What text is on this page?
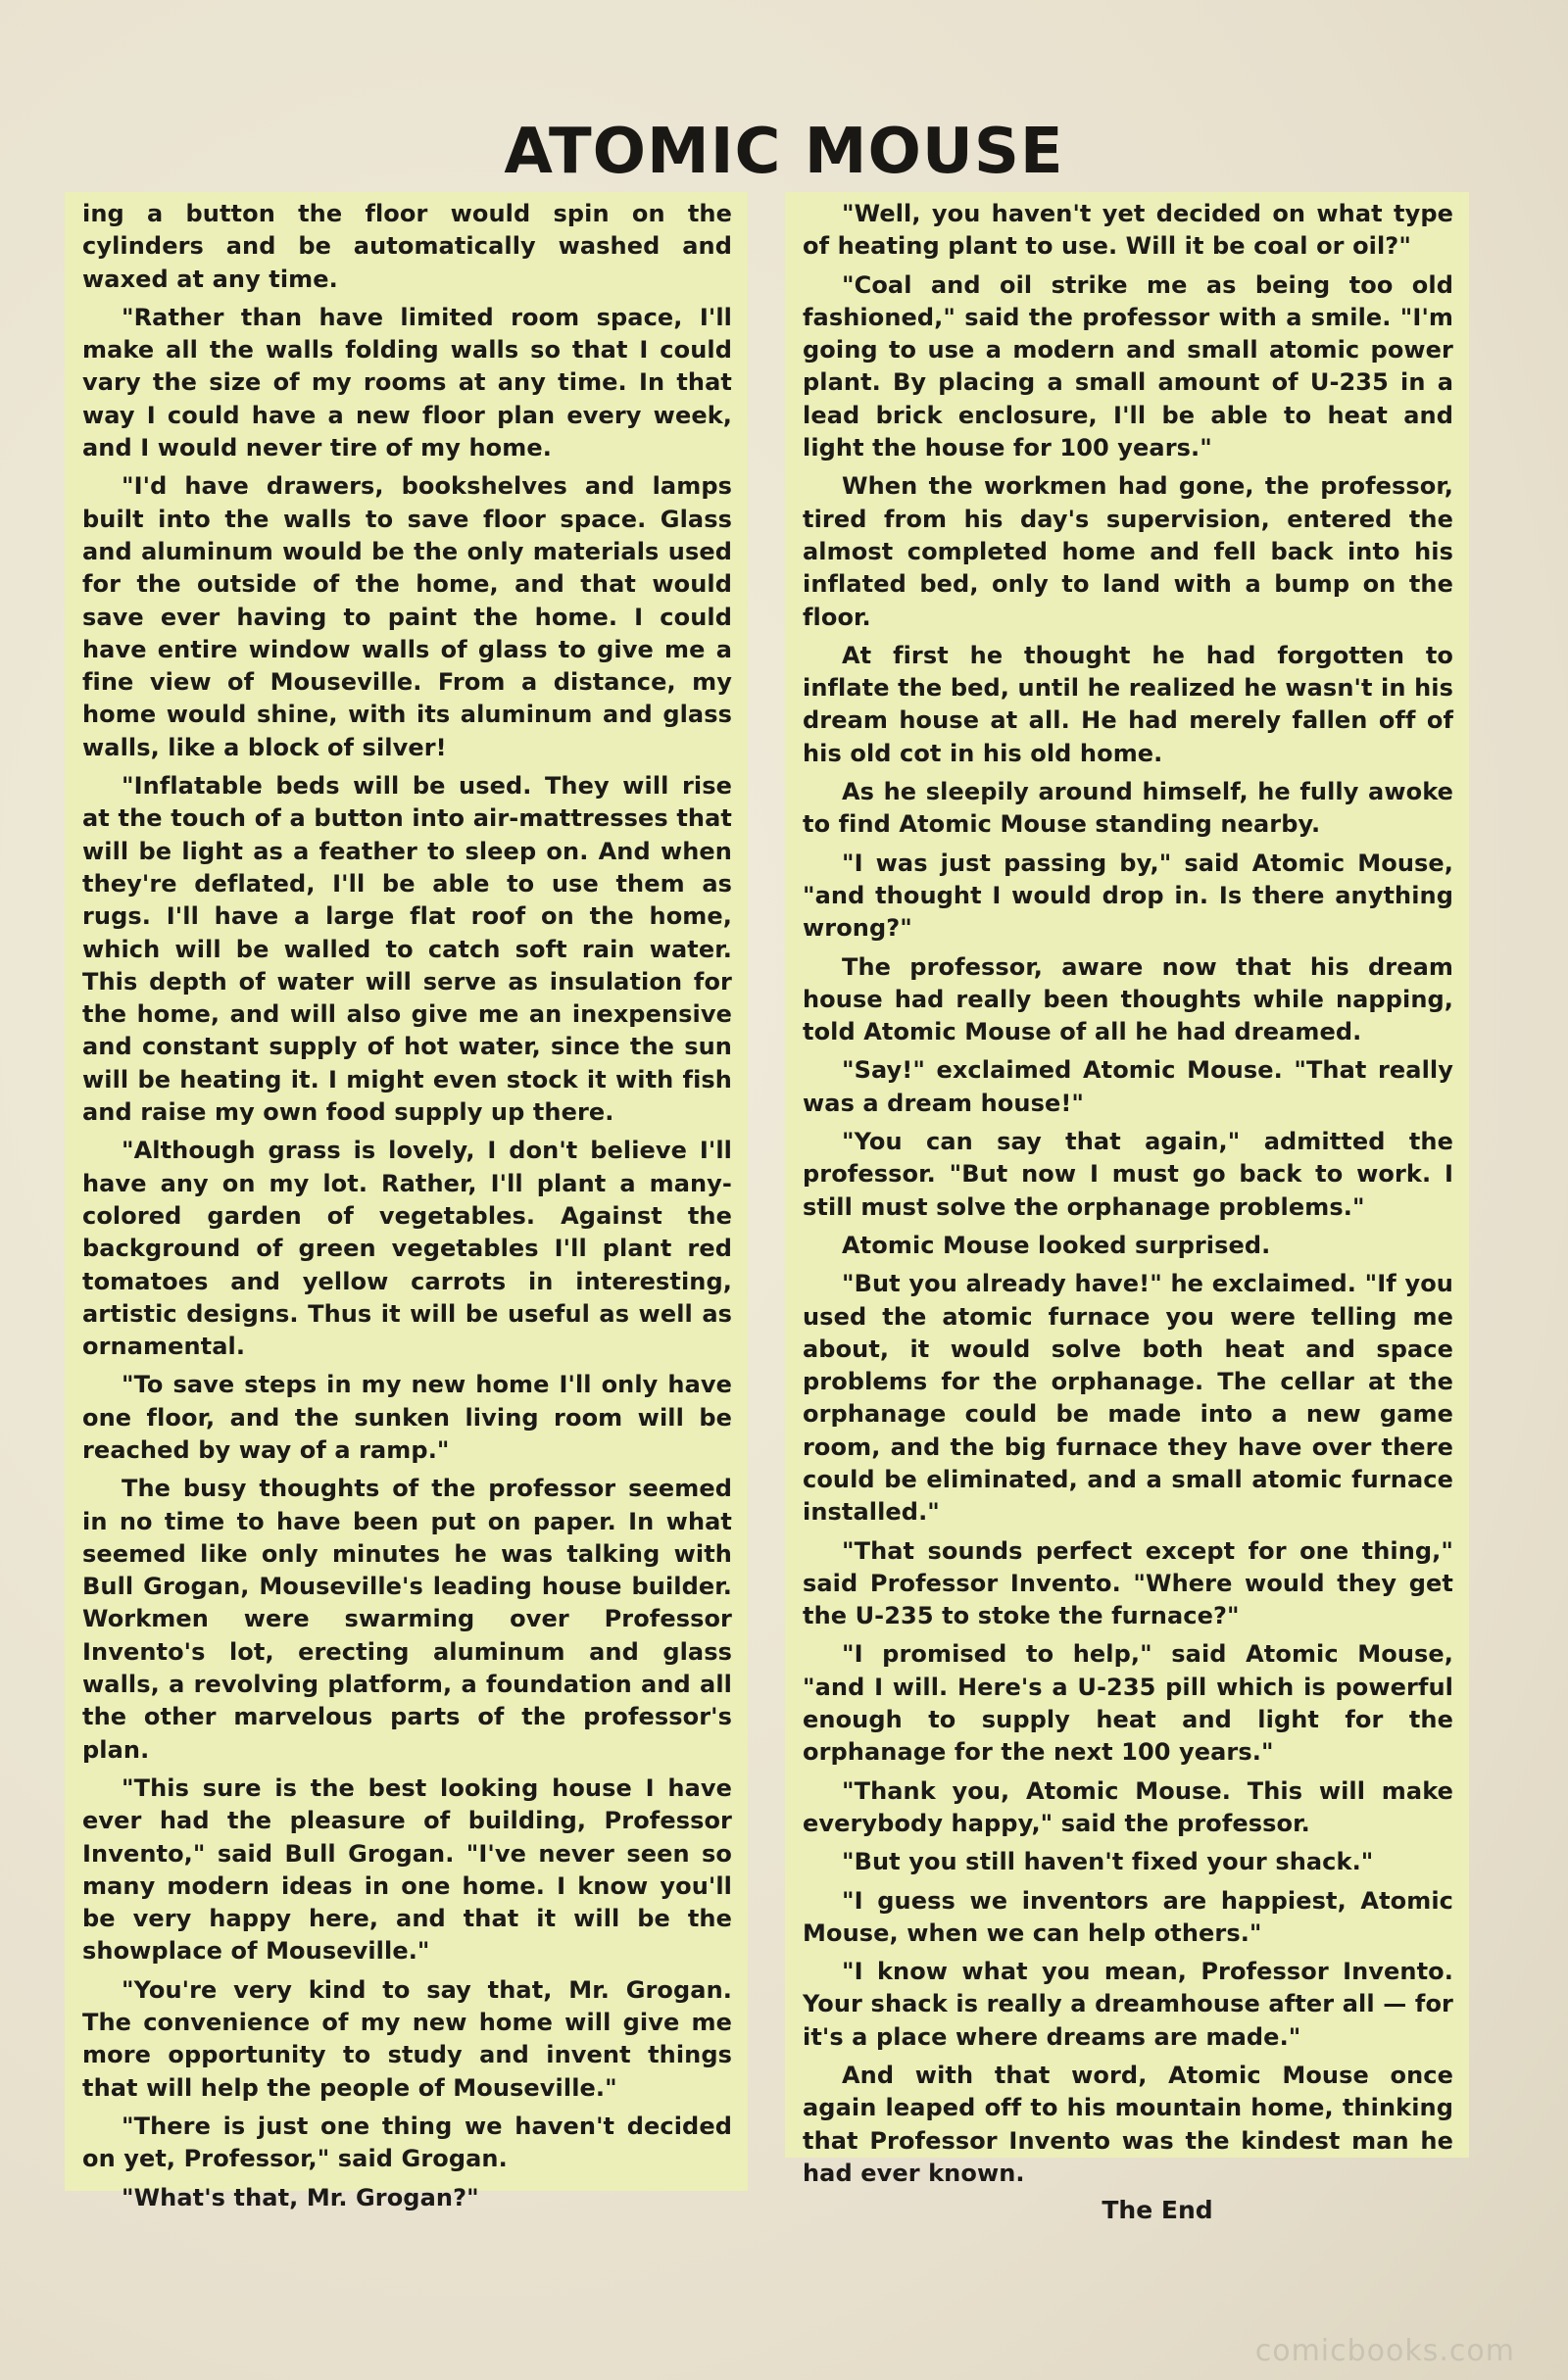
ATOMIC MOUSE

ing a button the floor would spin on the cylinders and be automatically washed and waxed at any time.

"Rather than have limited room space, I'll make all the walls folding walls so that I could vary the size of my rooms at any time. In that way I could have a new floor plan every week, and I would never tire of my home.

"I'd have drawers, bookshelves and lamps built into the walls to save floor space. Glass and aluminum would be the only materials used for the outside of the home, and that would save ever having to paint the home. I could have entire window walls of glass to give me a fine view of Mouseville. From a distance, my home would shine, with its aluminum and glass walls, like a block of silver!

"Inflatable beds will be used. They will rise at the touch of a button into air-mattresses that will be light as a feather to sleep on. And when they're deflated, I'll be able to use them as rugs. I'll have a large flat roof on the home, which will be walled to catch soft rain water. This depth of water will serve as insulation for the home, and will also give me an inexpensive and constant supply of hot water, since the sun will be heating it. I might even stock it with fish and raise my own food supply up there.

"Although grass is lovely, I don't believe I'll have any on my lot. Rather, I'll plant a many-colored garden of vegetables. Against the background of green vegetables I'll plant red tomatoes and yellow carrots in interesting, artistic designs. Thus it will be useful as well as ornamental.

"To save steps in my new home I'll only have one floor, and the sunken living room will be reached by way of a ramp."

The busy thoughts of the professor seemed in no time to have been put on paper. In what seemed like only minutes he was talking with Bull Grogan, Mouseville's leading house builder. Workmen were swarming over Professor Invento's lot, erecting aluminum and glass walls, a revolving platform, a foundation and all the other marvelous parts of the professor's plan.

"This sure is the best looking house I have ever had the pleasure of building, Professor Invento," said Bull Grogan. "I've never seen so many modern ideas in one home. I know you'll be very happy here, and that it will be the showplace of Mouseville."

"You're very kind to say that, Mr. Grogan. The convenience of my new home will give me more opportunity to study and invent things that will help the people of Mouseville."

"There is just one thing we haven't decided on yet, Professor," said Grogan.

"What's that, Mr. Grogan?"

"Well, you haven't yet decided on what type of heating plant to use. Will it be coal or oil?"

"Coal and oil strike me as being too old fashioned," said the professor with a smile. "I'm going to use a modern and small atomic power plant. By placing a small amount of U-235 in a lead brick enclosure, I'll be able to heat and light the house for 100 years."

When the workmen had gone, the professor, tired from his day's supervision, entered the almost completed home and fell back into his inflated bed, only to land with a bump on the floor.

At first he thought he had forgotten to inflate the bed, until he realized he wasn't in his dream house at all. He had merely fallen off of his old cot in his old home.

As he sleepily around himself, he fully awoke to find Atomic Mouse standing nearby.

"I was just passing by," said Atomic Mouse, "and thought I would drop in. Is there anything wrong?"

The professor, aware now that his dream house had really been thoughts while napping, told Atomic Mouse of all he had dreamed.

"Say!" exclaimed Atomic Mouse. "That really was a dream house!"

"You can say that again," admitted the professor. "But now I must go back to work. I still must solve the orphanage problems."

Atomic Mouse looked surprised.

"But you already have!" he exclaimed. "If you used the atomic furnace you were telling me about, it would solve both heat and space problems for the orphanage. The cellar at the orphanage could be made into a new game room, and the big furnace they have over there could be eliminated, and a small atomic furnace installed."

"That sounds perfect except for one thing," said Professor Invento. "Where would they get the U-235 to stoke the furnace?"

"I promised to help," said Atomic Mouse, "and I will. Here's a U-235 pill which is powerful enough to supply heat and light for the orphanage for the next 100 years."

"Thank you, Atomic Mouse. This will make everybody happy," said the professor.

"But you still haven't fixed your shack."

"I guess we inventors are happiest, Atomic Mouse, when we can help others."

"I know what you mean, Professor Invento. Your shack is really a dreamhouse after all — for it's a place where dreams are made."

And with that word, Atomic Mouse once again leaped off to his mountain home, thinking that Professor Invento was the kindest man he had ever known.

The End
comicbooks.com
